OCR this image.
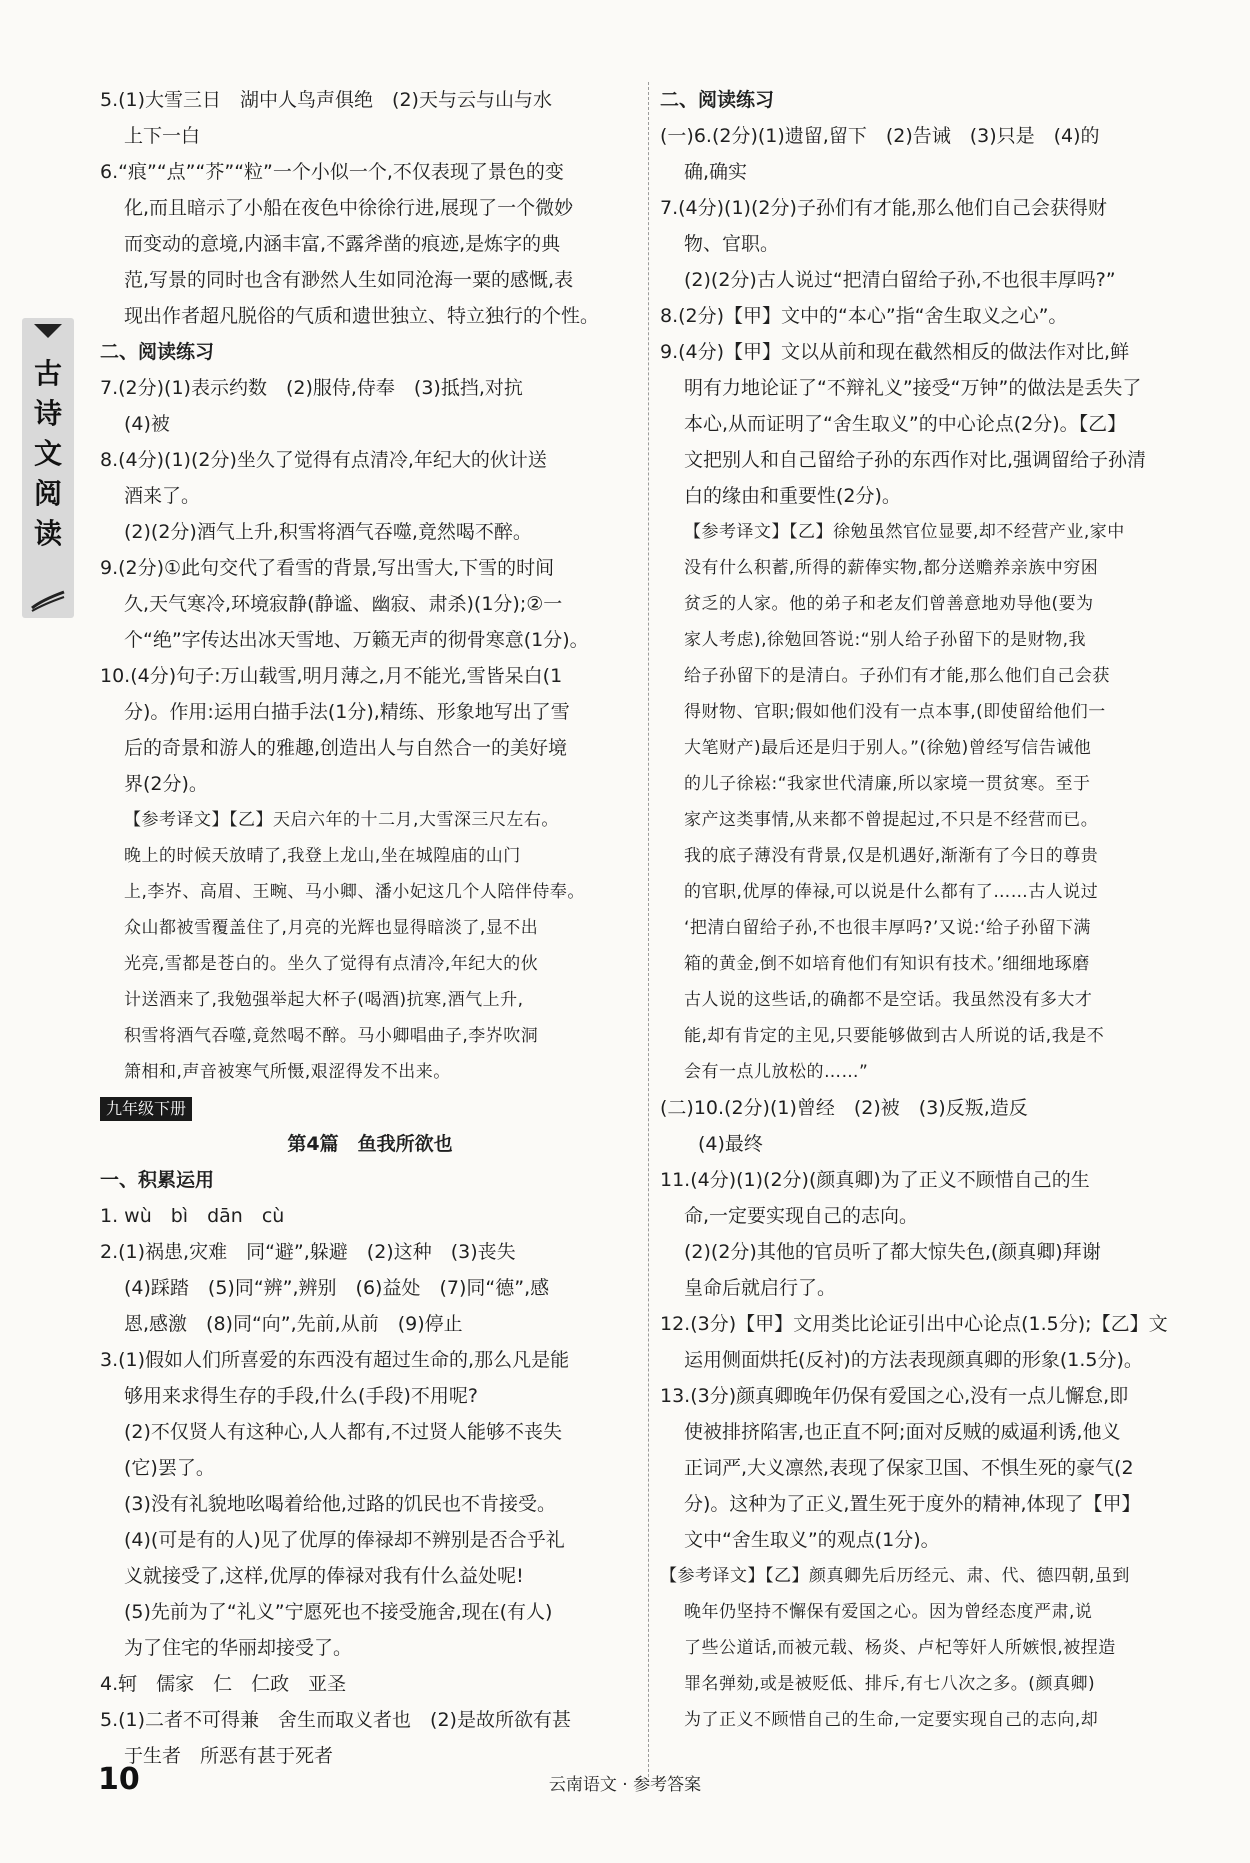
古诗文阅读
5.(1)大雪三日　湖中人鸟声俱绝　(2)天与云与山与水
上下一白
6.“痕”“点”“芥”“粒”一个小似一个,不仅表现了景色的变
化,而且暗示了小船在夜色中徐徐行进,展现了一个微妙
而变动的意境,内涵丰富,不露斧凿的痕迹,是炼字的典
范,写景的同时也含有渺然人生如同沧海一粟的感慨,表
现出作者超凡脱俗的气质和遗世独立、特立独行的个性。
二、阅读练习
7.(2分)(1)表示约数　(2)服侍,侍奉　(3)抵挡,对抗
(4)被
8.(4分)(1)(2分)坐久了觉得有点清冷,年纪大的伙计送
酒来了。
(2)(2分)酒气上升,积雪将酒气吞噬,竟然喝不醉。
9.(2分)①此句交代了看雪的背景,写出雪大,下雪的时间
久,天气寒冷,环境寂静(静谧、幽寂、肃杀)(1分);②一
个“绝”字传达出冰天雪地、万籁无声的彻骨寒意(1分)。
10.(4分)句子:万山载雪,明月薄之,月不能光,雪皆呆白(1
分)。作用:运用白描手法(1分),精练、形象地写出了雪
后的奇景和游人的雅趣,创造出人与自然合一的美好境
界(2分)。
【参考译文】【乙】天启六年的十二月,大雪深三尺左右。
晚上的时候天放晴了,我登上龙山,坐在城隍庙的山门
上,李岕、高眉、王畹、马小卿、潘小妃这几个人陪伴侍奉。
众山都被雪覆盖住了,月亮的光辉也显得暗淡了,显不出
光亮,雪都是苍白的。坐久了觉得有点清冷,年纪大的伙
计送酒来了,我勉强举起大杯子(喝酒)抗寒,酒气上升,
积雪将酒气吞噬,竟然喝不醉。马小卿唱曲子,李岕吹洞
箫相和,声音被寒气所慑,艰涩得发不出来。
九年级下册
第4篇　鱼我所欲也
一、积累运用
1. wù　bì　dān　cù
2.(1)祸患,灾难　同“避”,躲避　(2)这种　(3)丧失
(4)踩踏　(5)同“辨”,辨别　(6)益处　(7)同“德”,感
恩,感激　(8)同“向”,先前,从前　(9)停止
3.(1)假如人们所喜爱的东西没有超过生命的,那么凡是能
够用来求得生存的手段,什么(手段)不用呢?
(2)不仅贤人有这种心,人人都有,不过贤人能够不丧失
(它)罢了。
(3)没有礼貌地吆喝着给他,过路的饥民也不肯接受。
(4)(可是有的人)见了优厚的俸禄却不辨别是否合乎礼
义就接受了,这样,优厚的俸禄对我有什么益处呢!
(5)先前为了“礼义”宁愿死也不接受施舍,现在(有人)
为了住宅的华丽却接受了。
4.轲　儒家　仁　仁政　亚圣
5.(1)二者不可得兼　舍生而取义者也　(2)是故所欲有甚
于生者　所恶有甚于死者
二、阅读练习
(一)6.(2分)(1)遗留,留下　(2)告诫　(3)只是　(4)的
确,确实
7.(4分)(1)(2分)子孙们有才能,那么他们自己会获得财
物、官职。
(2)(2分)古人说过“把清白留给子孙,不也很丰厚吗?”
8.(2分)【甲】文中的“本心”指“舍生取义之心”。
9.(4分)【甲】文以从前和现在截然相反的做法作对比,鲜
明有力地论证了“不辩礼义”接受“万钟”的做法是丢失了
本心,从而证明了“舍生取义”的中心论点(2分)。【乙】
文把别人和自己留给子孙的东西作对比,强调留给子孙清
白的缘由和重要性(2分)。
【参考译文】【乙】徐勉虽然官位显要,却不经营产业,家中
没有什么积蓄,所得的薪俸实物,都分送赡养亲族中穷困
贫乏的人家。他的弟子和老友们曾善意地劝导他(要为
家人考虑),徐勉回答说:“别人给子孙留下的是财物,我
给子孙留下的是清白。子孙们有才能,那么他们自己会获
得财物、官职;假如他们没有一点本事,(即使留给他们一
大笔财产)最后还是归于别人。”(徐勉)曾经写信告诫他
的儿子徐崧:“我家世代清廉,所以家境一贯贫寒。至于
家产这类事情,从来都不曾提起过,不只是不经营而已。
我的底子薄没有背景,仅是机遇好,渐渐有了今日的尊贵
的官职,优厚的俸禄,可以说是什么都有了……古人说过
‘把清白留给子孙,不也很丰厚吗?’又说:‘给子孙留下满
箱的黄金,倒不如培育他们有知识有技术。’细细地琢磨
古人说的这些话,的确都不是空话。我虽然没有多大才
能,却有肯定的主见,只要能够做到古人所说的话,我是不
会有一点儿放松的……”
(二)10.(2分)(1)曾经　(2)被　(3)反叛,造反
(4)最终
11.(4分)(1)(2分)(颜真卿)为了正义不顾惜自己的生
命,一定要实现自己的志向。
(2)(2分)其他的官员听了都大惊失色,(颜真卿)拜谢
皇命后就启行了。
12.(3分)【甲】文用类比论证引出中心论点(1.5分);【乙】文
运用侧面烘托(反衬)的方法表现颜真卿的形象(1.5分)。
13.(3分)颜真卿晚年仍保有爱国之心,没有一点儿懈怠,即
使被排挤陷害,也正直不阿;面对反贼的威逼利诱,他义
正词严,大义凛然,表现了保家卫国、不惧生死的豪气(2
分)。这种为了正义,置生死于度外的精神,体现了【甲】
文中“舍生取义”的观点(1分)。
【参考译文】【乙】颜真卿先后历经元、肃、代、德四朝,虽到
晚年仍坚持不懈保有爱国之心。因为曾经态度严肃,说
了些公道话,而被元载、杨炎、卢杞等奸人所嫉恨,被捏造
罪名弹劾,或是被贬低、排斥,有七八次之多。(颜真卿)
为了正义不顾惜自己的生命,一定要实现自己的志向,却
10	云南语文 · 参考答案
